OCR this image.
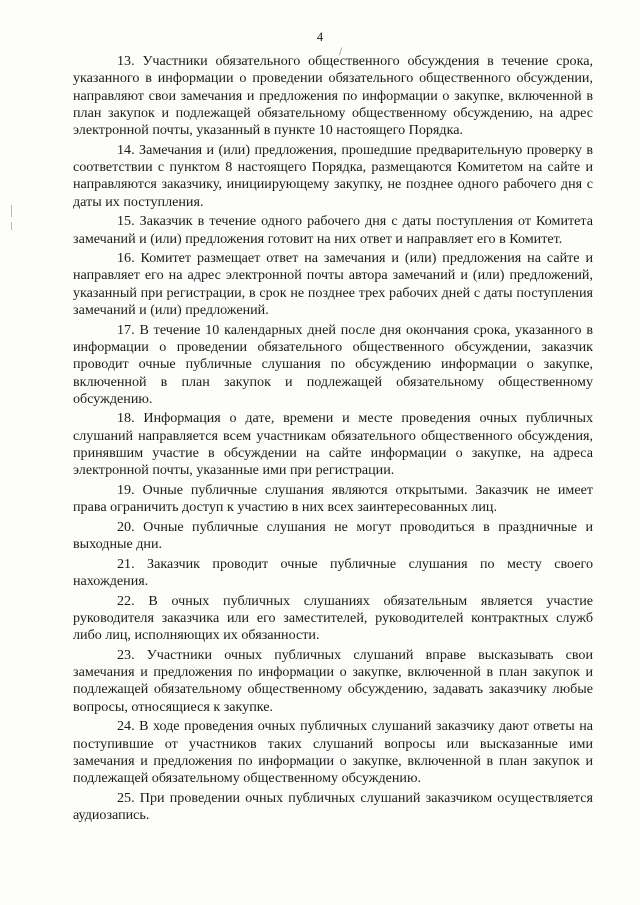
4

13. Участники обязательного общественного обсуждения в течение срока, указанного в информации о проведении обязательного общественного обсуждении, направляют свои замечания и предложения по информации о закупке, включенной в план закупок и подлежащей обязательному общественному обсуждению, на адрес электронной почты, указанный в пункте 10 настоящего Порядка.

14. Замечания и (или) предложения, прошедшие предварительную проверку в соответствии с пунктом 8 настоящего Порядка, размещаются Комитетом на сайте и направляются заказчику, инициирующему закупку, не позднее одного рабочего дня с даты их поступления.

15. Заказчик в течение одного рабочего дня с даты поступления от Комитета замечаний и (или) предложения готовит на них ответ и направляет его в Комитет.

16. Комитет размещает ответ на замечания и (или) предложения на сайте и направляет его на адрес электронной почты автора замечаний и (или) предложений, указанный при регистрации, в срок не позднее трех рабочих дней с даты поступления замечаний и (или) предложений.

17. В течение 10 календарных дней после дня окончания срока, указанного в информации о проведении обязательного общественного обсуждении, заказчик проводит очные публичные слушания по обсуждению информации о закупке, включенной в план закупок и подлежащей обязательному общественному обсуждению.

18. Информация о дате, времени и месте проведения очных публичных слушаний направляется всем участникам обязательного общественного обсуждения, принявшим участие в обсуждении на сайте информации о закупке, на адреса электронной почты, указанные ими при регистрации.

19. Очные публичные слушания являются открытыми. Заказчик не имеет права ограничить доступ к участию в них всех заинтересованных лиц.

20. Очные публичные слушания не могут проводиться в праздничные и выходные дни.

21. Заказчик проводит очные публичные слушания по месту своего нахождения.

22. В очных публичных слушаниях обязательным является участие руководителя заказчика или его заместителей, руководителей контрактных служб либо лиц, исполняющих их обязанности.

23. Участники очных публичных слушаний вправе высказывать свои замечания и предложения по информации о закупке, включенной в план закупок и подлежащей обязательному общественному обсуждению, задавать заказчику любые вопросы, относящиеся к закупке.

24. В ходе проведения очных публичных слушаний заказчику дают ответы на поступившие от участников таких слушаний вопросы или высказанные ими замечания и предложения по информации о закупке, включенной в план закупок и подлежащей обязательному общественному обсуждению.

25. При проведении очных публичных слушаний заказчиком осуществляется аудиозапись.
